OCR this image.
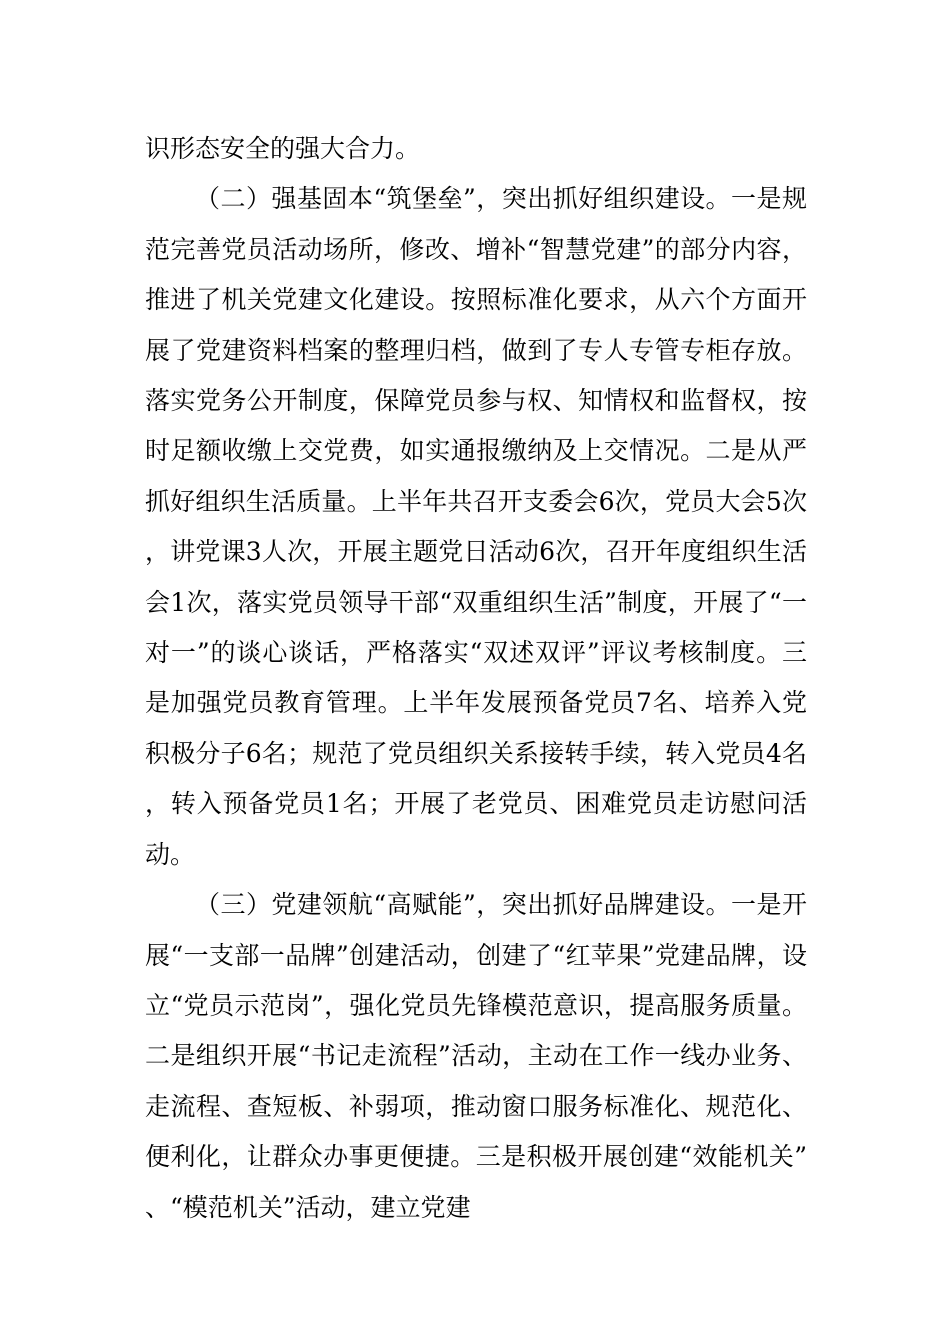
识形态安全的强大合力。

（二）强基固本“筑堡垒”，突出抓好组织建设。一是规范完善党员活动场所，修改、增补“智慧党建”的部分内容，推进了机关党建文化建设。按照标准化要求，从六个方面开展了党建资料档案的整理归档，做到了专人专管专柜存放。落实党务公开制度，保障党员参与权、知情权和监督权，按时足额收缴上交党费，如实通报缴纳及上交情况。二是从严抓好组织生活质量。上半年共召开支委会6次，党员大会5次，讲党课3人次，开展主题党日活动6次，召开年度组织生活会1次，落实党员领导干部“双重组织生活”制度，开展了“一对一”的谈心谈话，严格落实“双述双评”评议考核制度。三是加强党员教育管理。上半年发展预备党员7名、培养入党积极分子6名；规范了党员组织关系接转手续，转入党员4名，转入预备党员1名；开展了老党员、困难党员走访慰问活动。

（三）党建领航“高赋能”，突出抓好品牌建设。一是开展“一支部一品牌”创建活动，创建了“红苹果”党建品牌，设立“党员示范岗”，强化党员先锋模范意识，提高服务质量。二是组织开展“书记走流程”活动，主动在工作一线办业务、走流程、查短板、补弱项，推动窗口服务标准化、规范化、便利化，让群众办事更便捷。三是积极开展创建“效能机关”、“模范机关”活动，建立党建
